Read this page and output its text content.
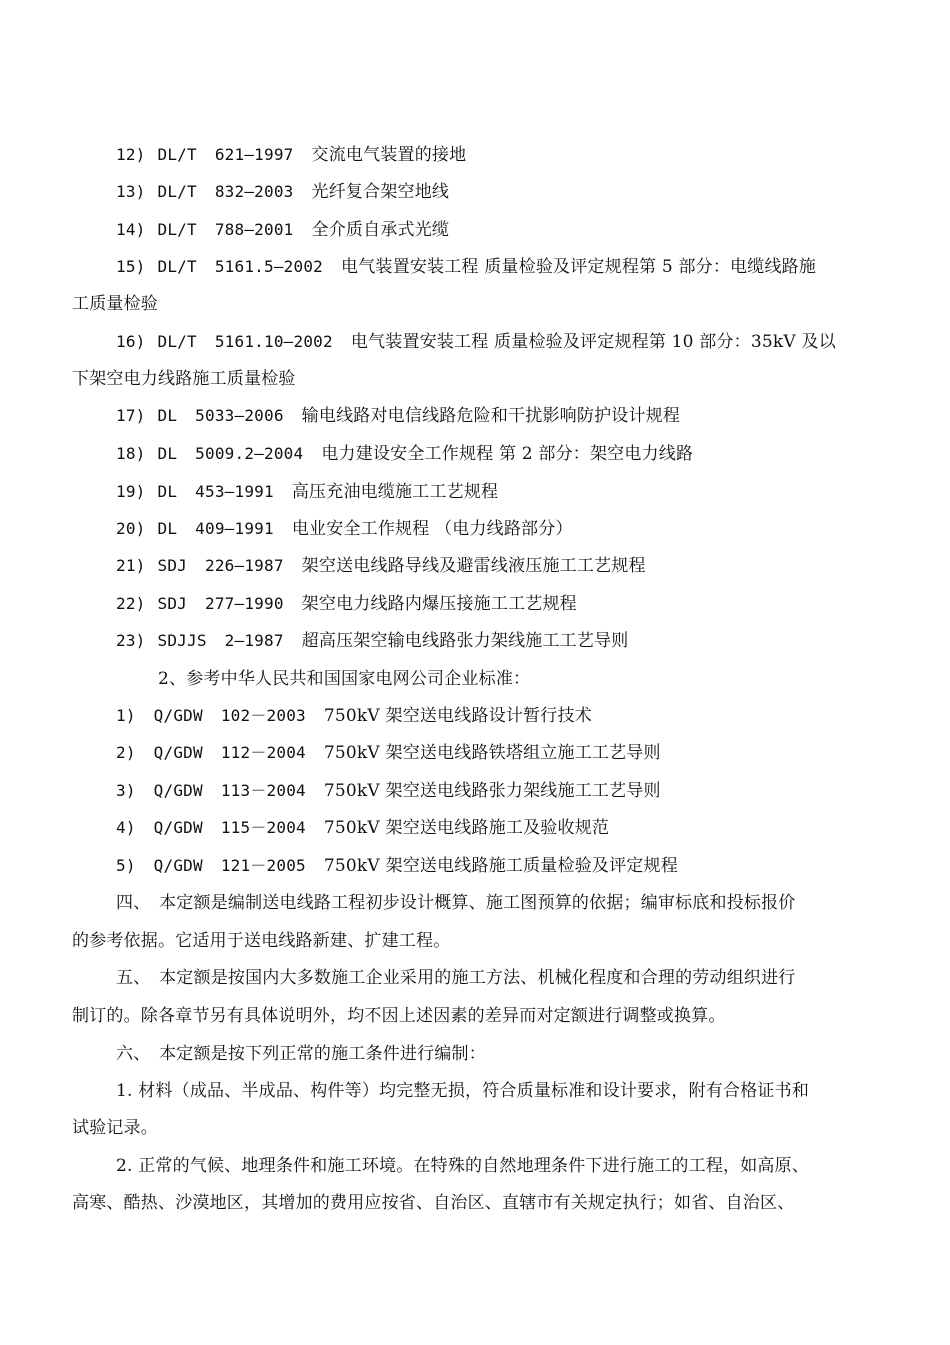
12) DL/T 621—1997 交流电气装置的接地
13) DL/T 832—2003 光纤复合架空地线
14) DL/T 788—2001 全介质自承式光缆
15) DL/T 5161.5—2002 电气装置安装工程 质量检验及评定规程第 5 部分：电缆线路施
工质量检验
16) DL/T 5161.10—2002 电气装置安装工程 质量检验及评定规程第 10 部分：35kV 及以
下架空电力线路施工质量检验
17) DL 5033—2006 输电线路对电信线路危险和干扰影响防护设计规程
18) DL 5009.2—2004 电力建设安全工作规程 第 2 部分：架空电力线路
19) DL 453—1991 高压充油电缆施工工艺规程
20) DL 409—1991 电业安全工作规程 （电力线路部分）
21) SDJ 226—1987 架空送电线路导线及避雷线液压施工工艺规程
22) SDJ 277—1990 架空电力线路内爆压接施工工艺规程
23) SDJJS 2—1987 超高压架空输电线路张力架线施工工艺导则
2、参考中华人民共和国国家电网公司企业标准：
1) Q/GDW 102－2003 750kV 架空送电线路设计暂行技术
2) Q/GDW 112－2004 750kV 架空送电线路铁塔组立施工工艺导则
3) Q/GDW 113－2004 750kV 架空送电线路张力架线施工工艺导则
4) Q/GDW 115－2004 750kV 架空送电线路施工及验收规范
5) Q/GDW 121－2005 750kV 架空送电线路施工质量检验及评定规程
四、　本定额是编制送电线路工程初步设计概算、施工图预算的依据；编审标底和投标报价
的参考依据。它适用于送电线路新建、扩建工程。
五、　本定额是按国内大多数施工企业采用的施工方法、机械化程度和合理的劳动组织进行
制订的。除各章节另有具体说明外，均不因上述因素的差异而对定额进行调整或换算。
六、　本定额是按下列正常的施工条件进行编制：
1. 材料（成品、半成品、构件等）均完整无损，符合质量标准和设计要求，附有合格证书和
试验记录。
2. 正常的气候、地理条件和施工环境。在特殊的自然地理条件下进行施工的工程，如高原、
高寒、酷热、沙漠地区，其增加的费用应按省、自治区、直辖市有关规定执行；如省、自治区、
